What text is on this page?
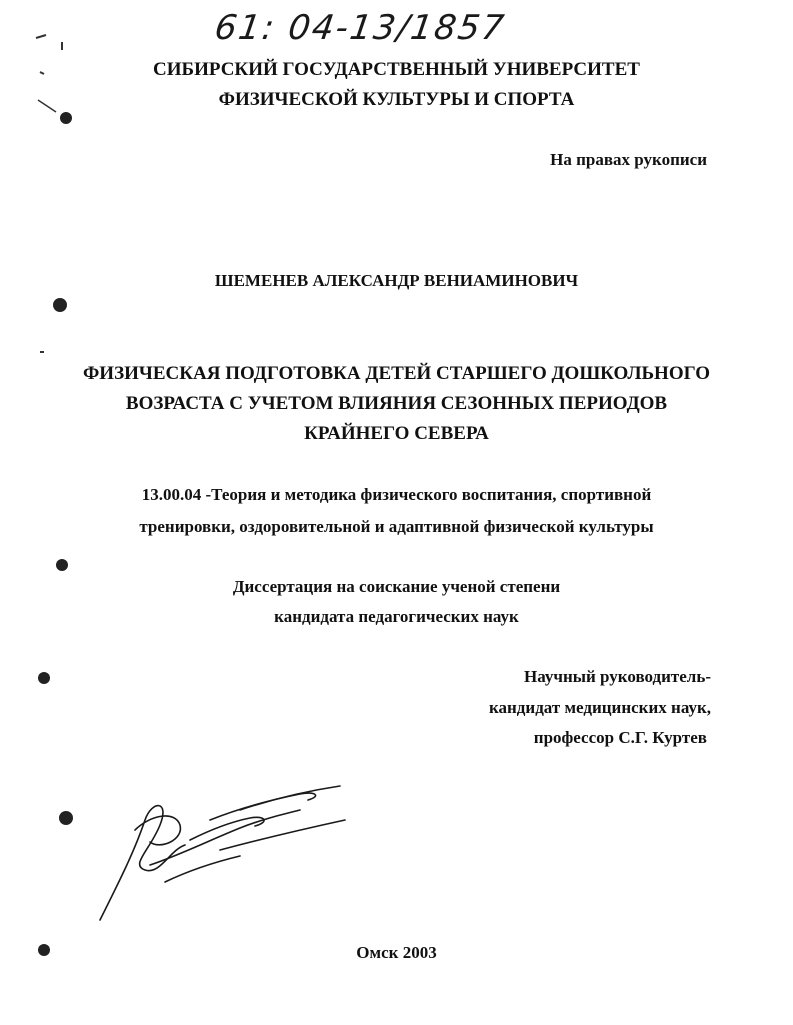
61: 04-13/1857
СИБИРСКИЙ ГОСУДАРСТВЕННЫЙ УНИВЕРСИТЕТ
ФИЗИЧЕСКОЙ КУЛЬТУРЫ И СПОРТА
На правах рукописи
ШЕМЕНЕВ АЛЕКСАНДР ВЕНИАМИНОВИЧ
ФИЗИЧЕСКАЯ ПОДГОТОВКА ДЕТЕЙ СТАРШЕГО ДОШКОЛЬНОГО
ВОЗРАСТА С УЧЕТОМ ВЛИЯНИЯ СЕЗОННЫХ ПЕРИОДОВ
КРАЙНЕГО СЕВЕРА
13.00.04 -Теория и методика физического воспитания, спортивной
тренировки, оздоровительной и адаптивной физической культуры
Диссертация на соискание ученой степени
кандидата педагогических наук
Научный руководитель-
кандидат медицинских наук,
профессор С.Г. Куртев
Омск 2003
